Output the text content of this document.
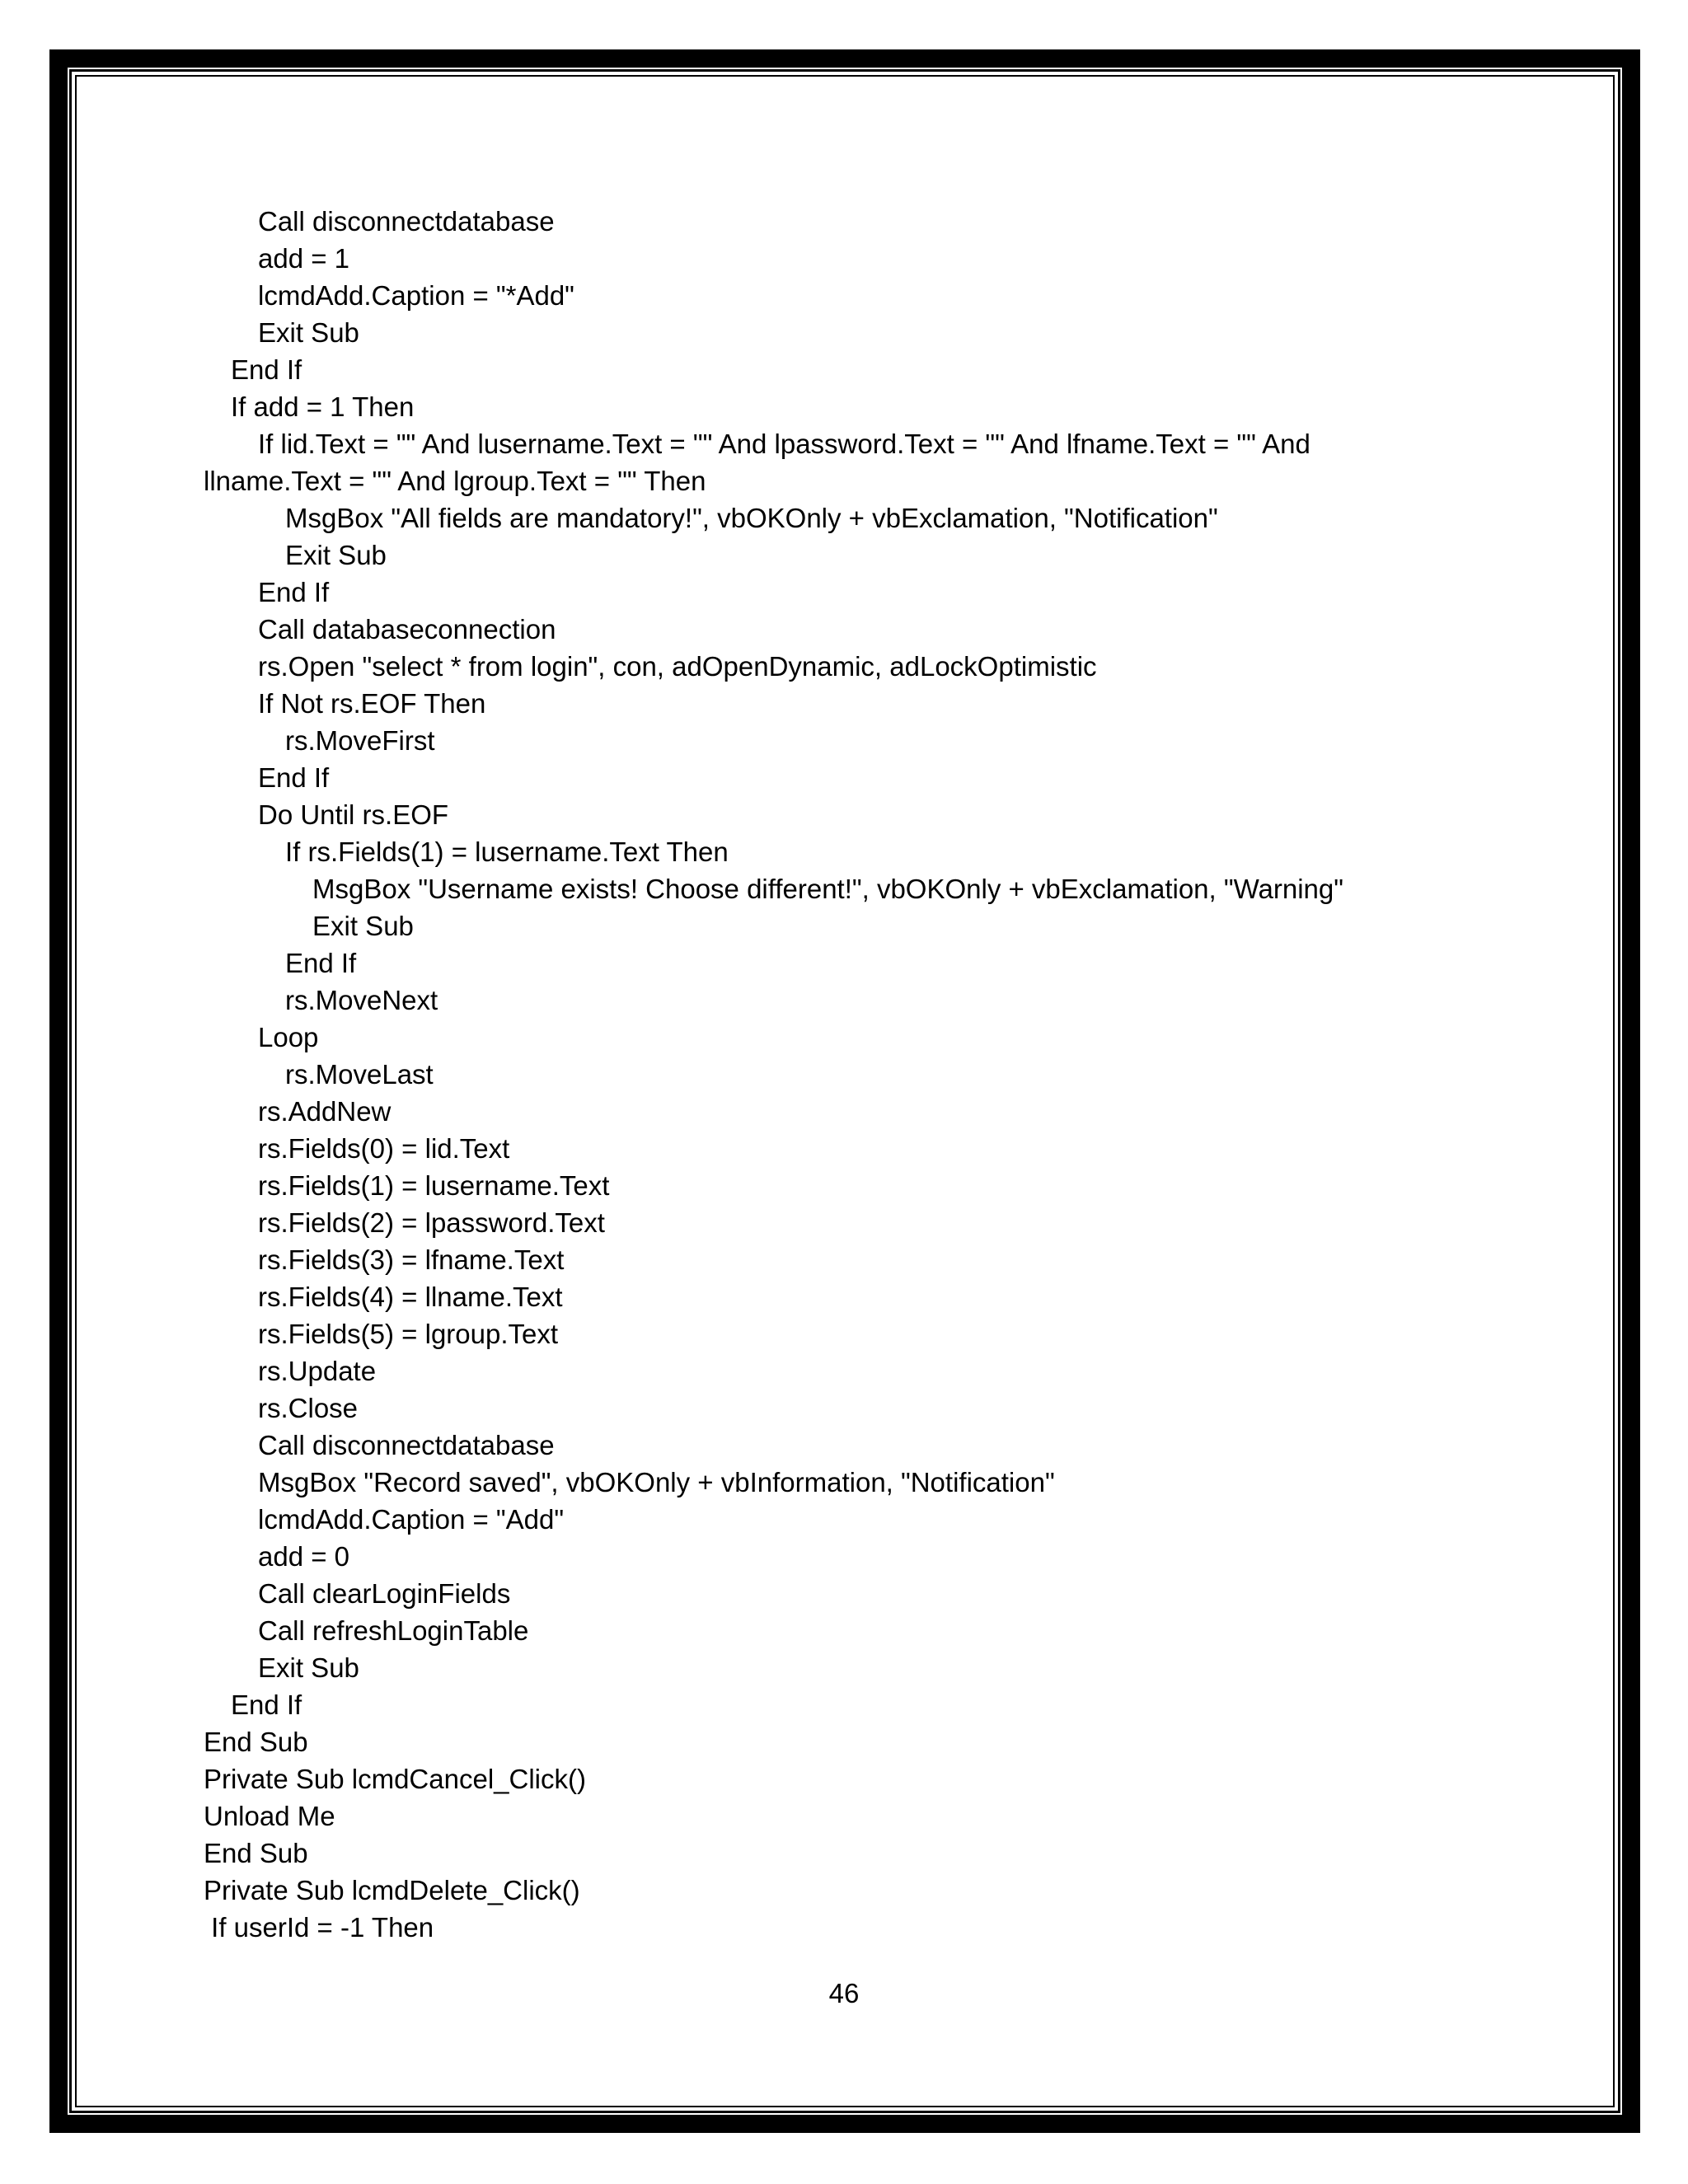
Call disconnectdatabase
add = 1
lcmdAdd.Caption = "*Add"
Exit Sub
End If
If add = 1 Then
If lid.Text = "" And lusername.Text = "" And lpassword.Text = "" And lfname.Text = "" And
llname.Text = "" And lgroup.Text = "" Then
MsgBox "All fields are mandatory!", vbOKOnly + vbExclamation, "Notification"
Exit Sub
End If
Call databaseconnection
rs.Open "select * from login", con, adOpenDynamic, adLockOptimistic
If Not rs.EOF Then
rs.MoveFirst
End If
Do Until rs.EOF
If rs.Fields(1) = lusername.Text Then
MsgBox "Username exists! Choose different!", vbOKOnly + vbExclamation, "Warning"
Exit Sub
End If
rs.MoveNext
Loop
rs.MoveLast
rs.AddNew
rs.Fields(0) = lid.Text
rs.Fields(1) = lusername.Text
rs.Fields(2) = lpassword.Text
rs.Fields(3) = lfname.Text
rs.Fields(4) = llname.Text
rs.Fields(5) = lgroup.Text
rs.Update
rs.Close
Call disconnectdatabase
MsgBox "Record saved", vbOKOnly + vbInformation, "Notification"
lcmdAdd.Caption = "Add"
add = 0
Call clearLoginFields
Call refreshLoginTable
Exit Sub
End If
End Sub
Private Sub lcmdCancel_Click()
Unload Me
End Sub
Private Sub lcmdDelete_Click()
If userId = -1 Then
46
